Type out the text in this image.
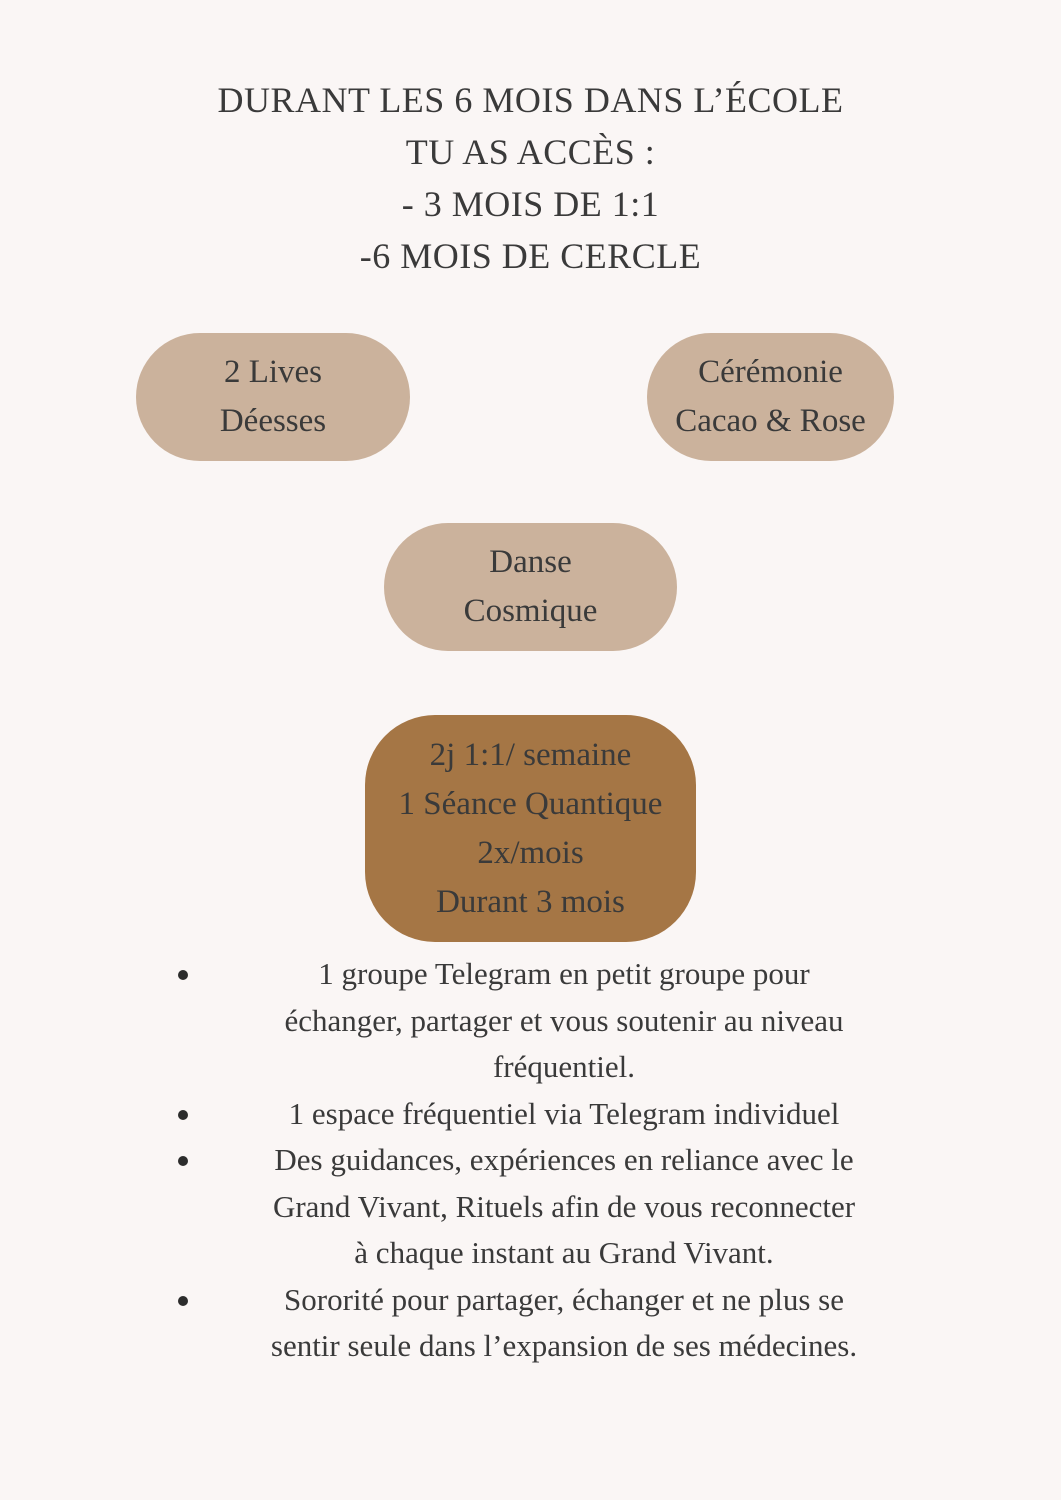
DURANT LES 6 MOIS DANS L’ÉCOLE
TU AS ACCÈS :
- 3 MOIS DE 1:1
-6 MOIS DE CERCLE
2 Lives
Déesses
Cérémonie
Cacao & Rose
Danse
Cosmique
2j 1:1/ semaine
1 Séance Quantique
2x/mois
Durant 3 mois
1 groupe Telegram en petit groupe pour
échanger, partager et vous soutenir au niveau
fréquentiel.
1 espace fréquentiel via Telegram individuel
Des guidances, expériences en reliance avec le
Grand Vivant, Rituels afin de vous reconnecter
à chaque instant au Grand Vivant.
Sororité pour partager, échanger et ne plus se
sentir seule dans l’expansion de ses médecines.
